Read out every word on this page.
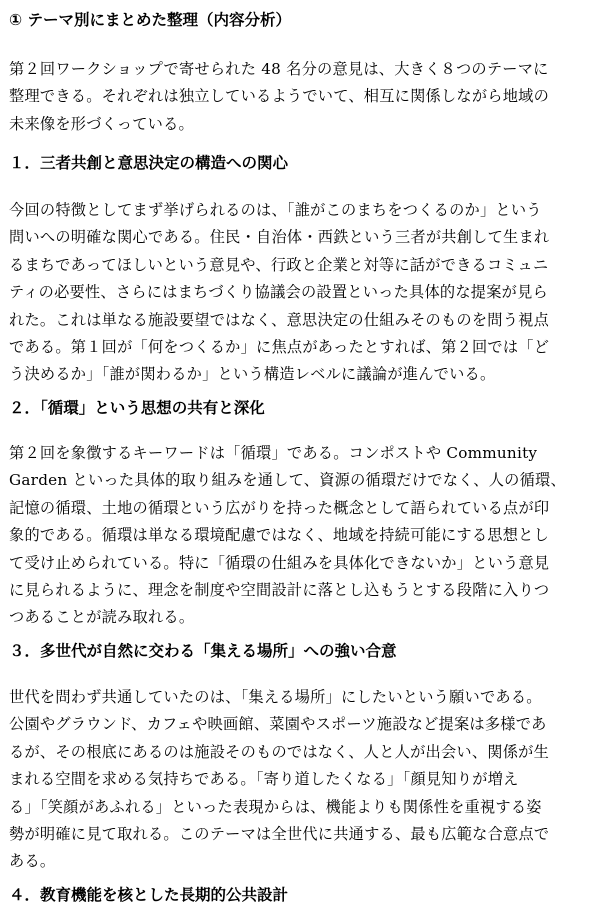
① テーマ別にまとめた整理（内容分析）
第２回ワークショップで寄せられた 48 名分の意見は、大きく８つのテーマに
整理できる。それぞれは独立しているようでいて、相互に関係しながら地域の
未来像を形づくっている。
１．三者共創と意思決定の構造への関心
今回の特徴としてまず挙げられるのは、「誰がこのまちをつくるのか」という
問いへの明確な関心である。住民・自治体・西鉄という三者が共創して生まれ
るまちであってほしいという意見や、行政と企業と対等に話ができるコミュニ
ティの必要性、さらにはまちづくり協議会の設置といった具体的な提案が見ら
れた。これは単なる施設要望ではなく、意思決定の仕組みそのものを問う視点
である。第１回が「何をつくるか」に焦点があったとすれば、第２回では「ど
う決めるか」「誰が関わるか」という構造レベルに議論が進んでいる。
２．「循環」という思想の共有と深化
第２回を象徴するキーワードは「循環」である。コンポストや Community
Garden といった具体的取り組みを通して、資源の循環だけでなく、人の循環、
記憶の循環、土地の循環という広がりを持った概念として語られている点が印
象的である。循環は単なる環境配慮ではなく、地域を持続可能にする思想とし
て受け止められている。特に「循環の仕組みを具体化できないか」という意見
に見られるように、理念を制度や空間設計に落とし込もうとする段階に入りつ
つあることが読み取れる。
３．多世代が自然に交わる「集える場所」への強い合意
世代を問わず共通していたのは、「集える場所」にしたいという願いである。
公園やグラウンド、カフェや映画館、菜園やスポーツ施設など提案は多様であ
るが、その根底にあるのは施設そのものではなく、人と人が出会い、関係が生
まれる空間を求める気持ちである。「寄り道したくなる」「顔見知りが増え
る」「笑顔があふれる」といった表現からは、機能よりも関係性を重視する姿
勢が明確に見て取れる。このテーマは全世代に共通する、最も広範な合意点で
ある。
４．教育機能を核とした長期的公共設計
